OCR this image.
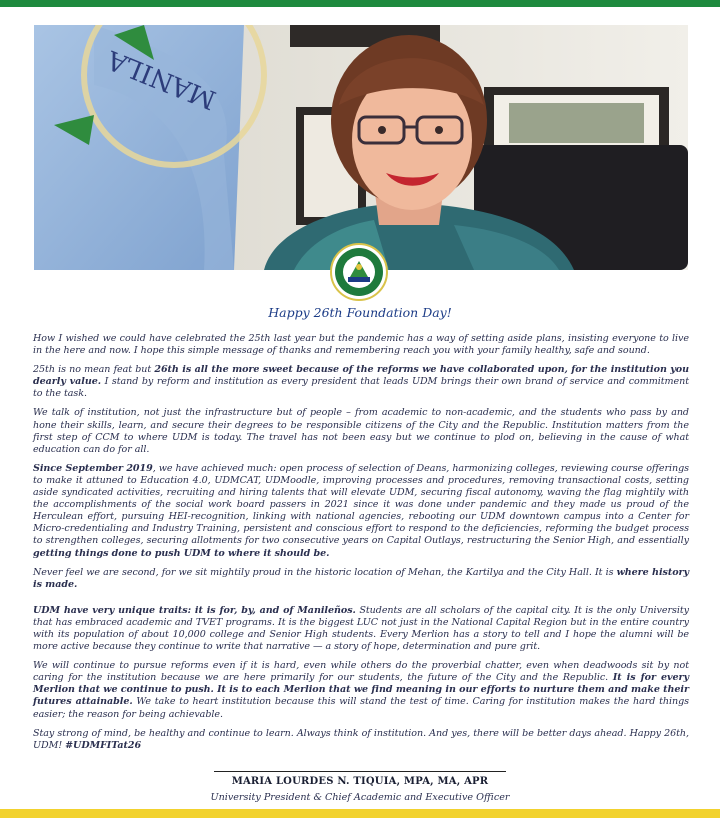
MANILA
Happy 26th Foundation Day!

How I wished we could have celebrated the 25th last year but the pandemic has a way of setting aside plans, insisting everyone to live in the here and now. I hope this simple message of thanks and remembering reach you with your family healthy, safe and sound.

25th is no mean feat but 26th is all the more sweet because of the reforms we have collaborated upon, for the institution you dearly value. I stand by reform and institution as every president that leads UDM brings their own brand of service and commitment to the task.

We talk of institution, not just the infrastructure but of people – from academic to non-academic, and the students who pass by and hone their skills, learn, and secure their degrees to be responsible citizens of the City and the Republic. Institution matters from the first step of CCM to where UDM is today. The travel has not been easy but we continue to plod on, believing in the cause of what education can do for all.

Since September 2019, we have achieved much: open process of selection of Deans, harmonizing colleges, reviewing course offerings to make it attuned to Education 4.0, UDMCAT, UDMoodle, improving processes and procedures, removing transactional costs, setting aside syndicated activities, recruiting and hiring talents that will elevate UDM, securing fiscal autonomy, waving the flag mightily with the accomplishments of the social work board passers in 2021 since it was done under pandemic and they made us proud of the Herculean effort, pursuing HEI-recognition, linking with national agencies, rebooting our UDM downtown campus into a Center for Micro-credentialing and Industry Training, persistent and conscious effort to respond to the deficiencies, reforming the budget process to strengthen colleges, securing allotments for two consecutive years on Capital Outlays, restructuring the Senior High, and essentially getting things done to push UDM to where it should be.

Never feel we are second, for we sit mightily proud in the historic location of Mehan, the Kartilya and the City Hall. It is where history is made.

UDM have very unique traits: it is for, by, and of Manileños. Students are all scholars of the capital city. It is the only University that has embraced academic and TVET programs. It is the biggest LUC not just in the National Capital Region but in the entire country with its population of about 10,000 college and Senior High students. Every Merlion has a story to tell and I hope the alumni will be more active because they continue to write that narrative — a story of hope, determination and pure grit.

We will continue to pursue reforms even if it is hard, even while others do the proverbial chatter, even when deadwoods sit by not caring for the institution because we are here primarily for our students, the future of the City and the Republic. It is for every Merlion that we continue to push. It is to each Merlion that we find meaning in our efforts to nurture them and make their futures attainable. We take to heart institution because this will stand the test of time. Caring for institution makes the hard things easier; the reason for being achievable.

Stay strong of mind, be healthy and continue to learn. Always think of institution. And yes, there will be better days ahead. Happy 26th, UDM! #UDMFITat26

MARIA LOURDES N. TIQUIA, MPA, MA, APR
University President & Chief Academic and Executive Officer
